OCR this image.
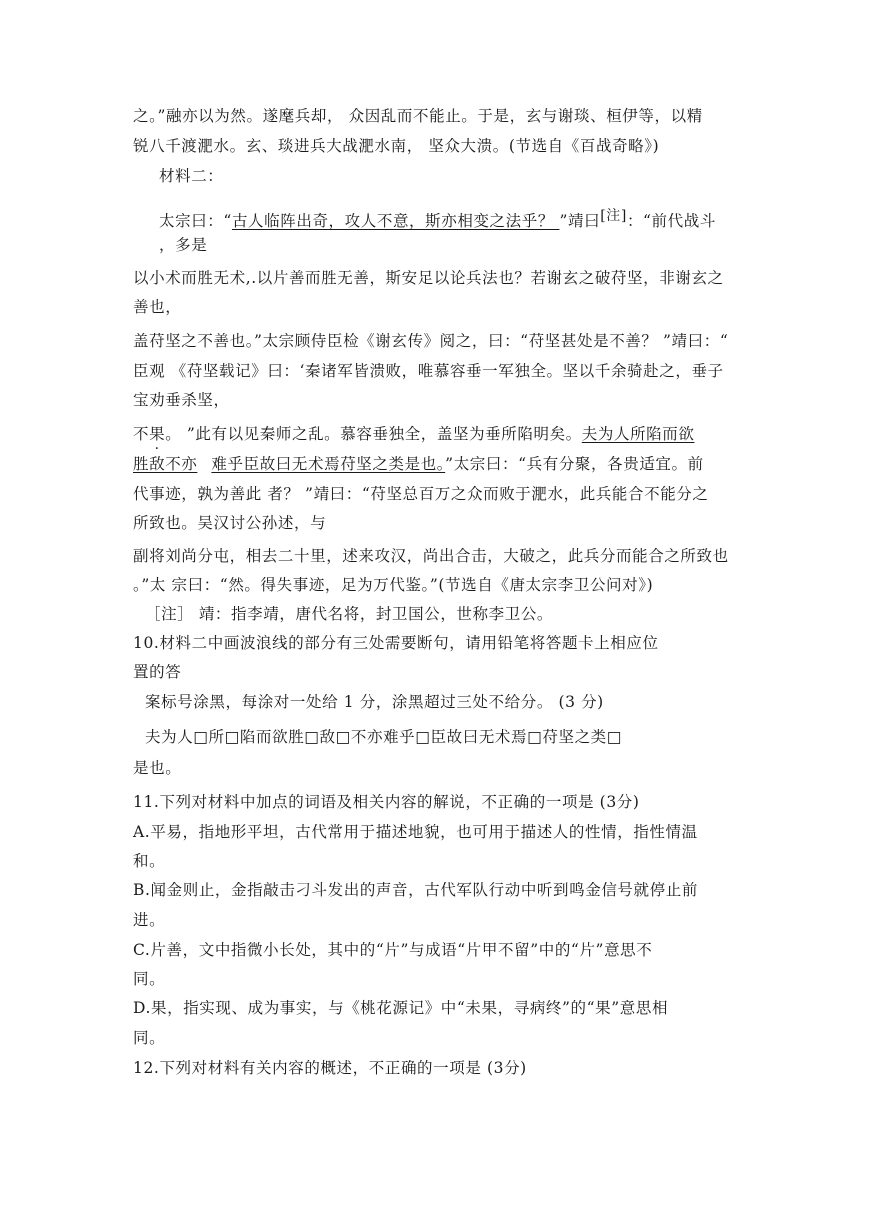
之。”融亦以为然。遂麾兵却， 众因乱而不能止。于是，玄与谢琰、桓伊等，以精
锐八千渡淝水。玄、琰进兵大战淝水南， 坚众大溃。(节选自《百战奇略》)
材料二：
太宗曰：“古人临阵出奇，攻人不意，斯亦相变之法乎？ ”靖曰[注]：“前代战斗
，多是
以小术而胜无术,.以片善而胜无善，斯安足以论兵法也？若谢玄之破苻坚，非谢玄之
善也，
盖苻坚之不善也。”太宗顾侍臣检《谢玄传》阅之，曰：“苻坚甚处是不善？ ”靖曰：“
臣观 《苻坚载记》曰：‘秦诸军皆溃败，唯慕容垂一军独全。坚以千余骑赴之，垂子
宝劝垂杀坚，
不果。 ”此有以见秦师之乱。慕容垂独全，盖坚为垂所陷明矣。夫为人所陷而欲
胜敌不亦 难乎臣故曰无术焉苻坚之类是也。”太宗曰：“兵有分聚，各贵适宜。前
代事迹，孰为善此 者？ ”靖曰：“苻坚总百万之众而败于淝水，此兵能合不能分之
所致也。吴汉讨公孙述，与
副将刘尚分屯，相去二十里，述来攻汉，尚出合击，大破之，此兵分而能合之所致也
。”太 宗曰：“然。得失事迹，足为万代鉴。”(节选自《唐太宗李卫公问对》)
［注］ 靖：指李靖，唐代名将，封卫国公，世称李卫公。
10.材料二中画波浪线的部分有三处需要断句，请用铅笔将答题卡上相应位
置的答
案标号涂黑，每涂对一处给 1 分，涂黑超过三处不给分。 (3 分)
夫为人□所□陷而欲胜□敌□不亦难乎□臣故曰无术焉□苻坚之类□
是也。
11.下列对材料中加点的词语及相关内容的解说，不正确的一项是 (3分)
A.平易，指地形平坦，古代常用于描述地貌，也可用于描述人的性情，指性情温
和。
B.闻金则止，金指敲击刁斗发出的声音，古代军队行动中听到鸣金信号就停止前
进。
C.片善，文中指微小长处，其中的“片”与成语“片甲不留”中的“片”意思不
同。
D.果，指实现、成为事实，与《桃花源记》中“未果，寻病终”的“果”意思相
同。
12.下列对材料有关内容的概述，不正确的一项是 (3分)
